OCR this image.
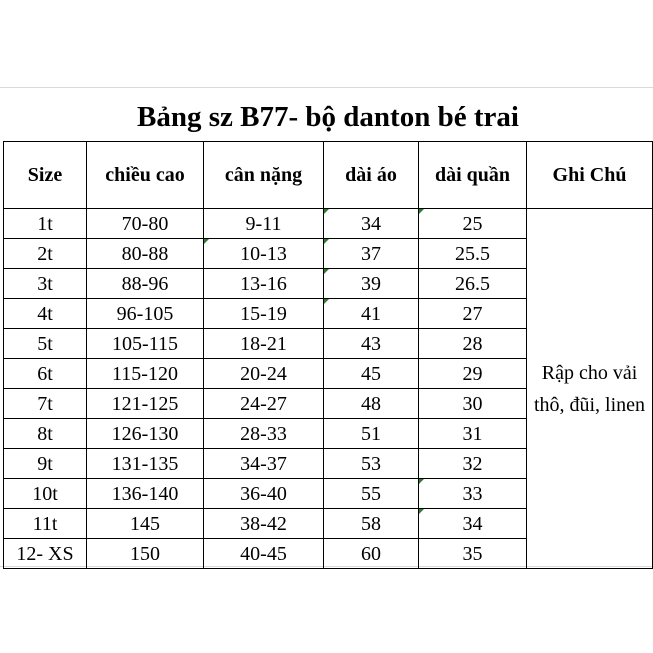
Bảng sz B77- bộ danton bé trai					
Size	chiều cao	cân nặng	dài áo	dài quần	Ghi Chú
1t	70-80	9-11	34	25	Rập cho vải thô, đũi, linen
2t	80-88	10-13	37	25.5	
3t	88-96	13-16	39	26.5	
4t	96-105	15-19	41	27	
5t	105-115	18-21	43	28	
6t	115-120	20-24	45	29	
7t	121-125	24-27	48	30	
8t	126-130	28-33	51	31	
9t	131-135	34-37	53	32	
10t	136-140	36-40	55	33	

11t	145	38-42	58	34	

12- XS	150	40-45	60	35	
